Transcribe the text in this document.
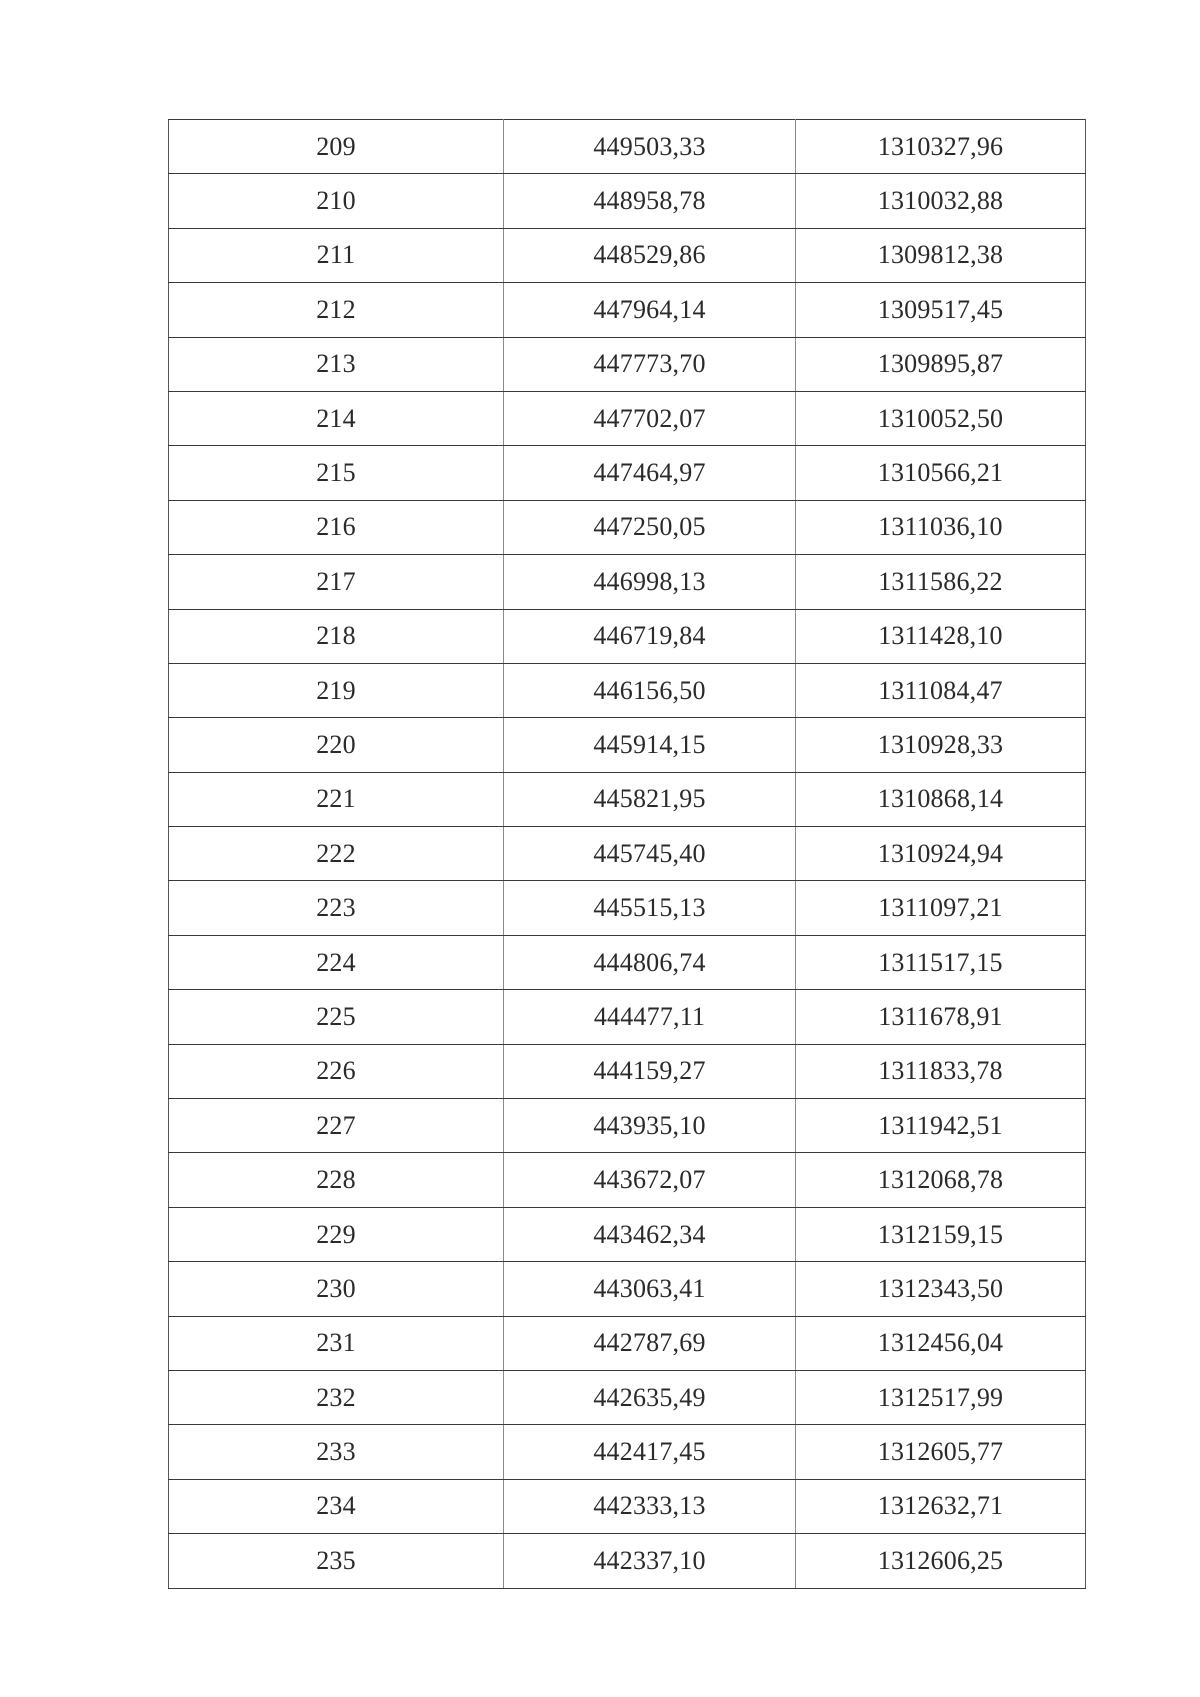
209	449503,33	1310327,96
210	448958,78	1310032,88
211	448529,86	1309812,38
212	447964,14	1309517,45
213	447773,70	1309895,87
214	447702,07	1310052,50
215	447464,97	1310566,21
216	447250,05	1311036,10
217	446998,13	1311586,22
218	446719,84	1311428,10
219	446156,50	1311084,47
220	445914,15	1310928,33
221	445821,95	1310868,14
222	445745,40	1310924,94
223	445515,13	1311097,21
224	444806,74	1311517,15
225	444477,11	1311678,91
226	444159,27	1311833,78
227	443935,10	1311942,51
228	443672,07	1312068,78
229	443462,34	1312159,15
230	443063,41	1312343,50
231	442787,69	1312456,04
232	442635,49	1312517,99
233	442417,45	1312605,77
234	442333,13	1312632,71
235	442337,10	1312606,25
